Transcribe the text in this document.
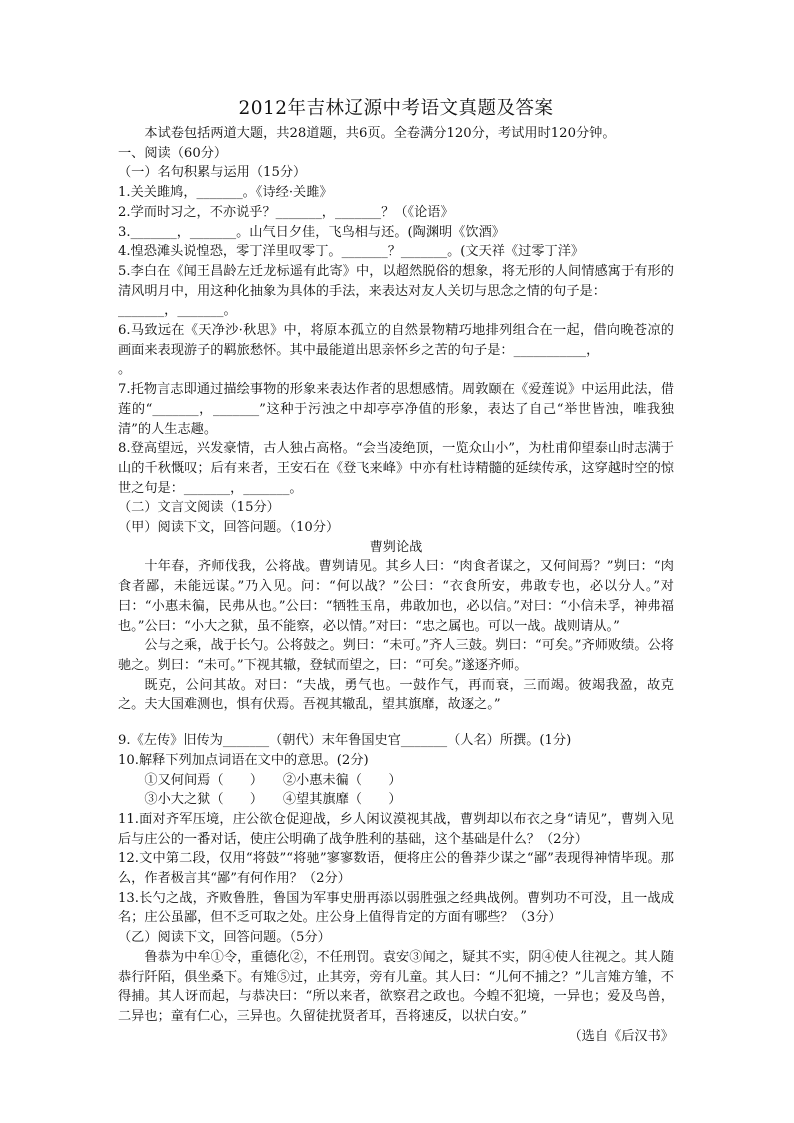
2012年吉林辽源中考语文真题及答案
本试卷包括两道大题，共28道题，共6页。全卷满分120分，考试用时120分钟。
一、阅读（60分）
（一）名句积累与运用（15分）
1.关关雎鸠，_______。《诗经·关雎》
2.学而时习之，不亦说乎？_______，_______？（《论语》
3._______，_______。山气日夕佳，飞鸟相与还。(陶渊明《饮酒》
4.惶恐滩头说惶恐，零丁洋里叹零丁。_______？_______。(文天祥《过零丁洋》
5.李白在《闻王昌龄左迁龙标遥有此寄》中，以超然脱俗的想象，将无形的人间情感寓于有形的清风明月中，用这种化抽象为具体的手法，来表达对友人关切与思念之情的句子是：
_______，_______。
6.马致远在《天净沙·秋思》中，将原本孤立的自然景物精巧地排列组合在一起，借向晚苍凉的画面来表现游子的羁旅愁怀。其中最能道出思亲怀乡之苦的句子是：___________，
。
7.托物言志即通过描绘事物的形象来表达作者的思想感情。周敦颐在《爱莲说》中运用此法，借莲的“_______，_______”这种于污浊之中却亭亭净值的形象，表达了自己“举世皆浊，唯我独清”的人生志趣。
8.登高望远，兴发豪情，古人独占高格。“会当凌绝顶，一览众山小”，为杜甫仰望泰山时志满于山的千秋慨叹；后有来者，王安石在《登飞来峰》中亦有杜诗精髓的延续传承，这穿越时空的惊世之句是：_______，_______。
（二）文言文阅读（15分）
（甲）阅读下文，回答问题。（10分）
曹刿论战
十年春，齐师伐我，公将战。曹刿请见。其乡人曰：“肉食者谋之，又何间焉？”刿曰：“肉食者鄙，未能远谋。”乃入见。问：“何以战？”公曰：“衣食所安，弗敢专也，必以分人。”对曰：“小惠未徧，民弗从也。”公曰：“牺牲玉帛，弗敢加也，必以信。”对曰：“小信未孚，神弗福也。”公曰：“小大之狱，虽不能察，必以情。”对曰：“忠之属也。可以一战。战则请从。”
公与之乘，战于长勺。公将鼓之。刿曰：“未可。”齐人三鼓。刿曰：“可矣。”齐师败绩。公将驰之。刿曰：“未可。”下视其辙，登轼而望之，曰：“可矣。”遂逐齐师。
既克，公问其故。对曰：“夫战，勇气也。一鼓作气，再而衰，三而竭。彼竭我盈，故克之。夫大国难测也，惧有伏焉。吾视其辙乱，望其旗靡，故逐之。”
9.《左传》旧传为_______（朝代）末年鲁国史官_______（人名）所撰。(1分)
10.解释下列加点词语在文中的意思。(2分)
①又何间焉（　　）　　②小惠未徧（　　）
③小大之狱（　　）　　④望其旗靡（　　）
11.面对齐军压境，庄公欲仓促迎战，乡人闲议漠视其战，曹刿却以布衣之身“请见”，曹刿入见后与庄公的一番对话，使庄公明确了战争胜利的基础，这个基础是什么？（2分）
12.文中第二段，仅用“将鼓”“将驰”寥寥数语，便将庄公的鲁莽少谋之“鄙”表现得神情毕现。那么，作者极言其“鄙”有何作用？（2分）
13.长勺之战，齐败鲁胜，鲁国为军事史册再添以弱胜强之经典战例。曹刿功不可没，且一战成名；庄公虽鄙，但不乏可取之处。庄公身上值得肯定的方面有哪些？（3分）
（乙）阅读下文，回答问题。（5分）
鲁恭为中牟①令，重德化②，不任刑罚。袁安③闻之，疑其不实，阴④使人往视之。其人随恭行阡陌，俱坐桑下。有雉⑤过，止其旁，旁有儿童。其人曰：“儿何不捕之？”儿言雉方雏，不得捕。其人讶而起，与恭决曰：“所以来者，欲察君之政也。今蝗不犯境，一异也；爱及鸟兽，二异也；童有仁心，三异也。久留徒扰贤者耳，吾将速反，以状白安。”
（选自《后汉书》
